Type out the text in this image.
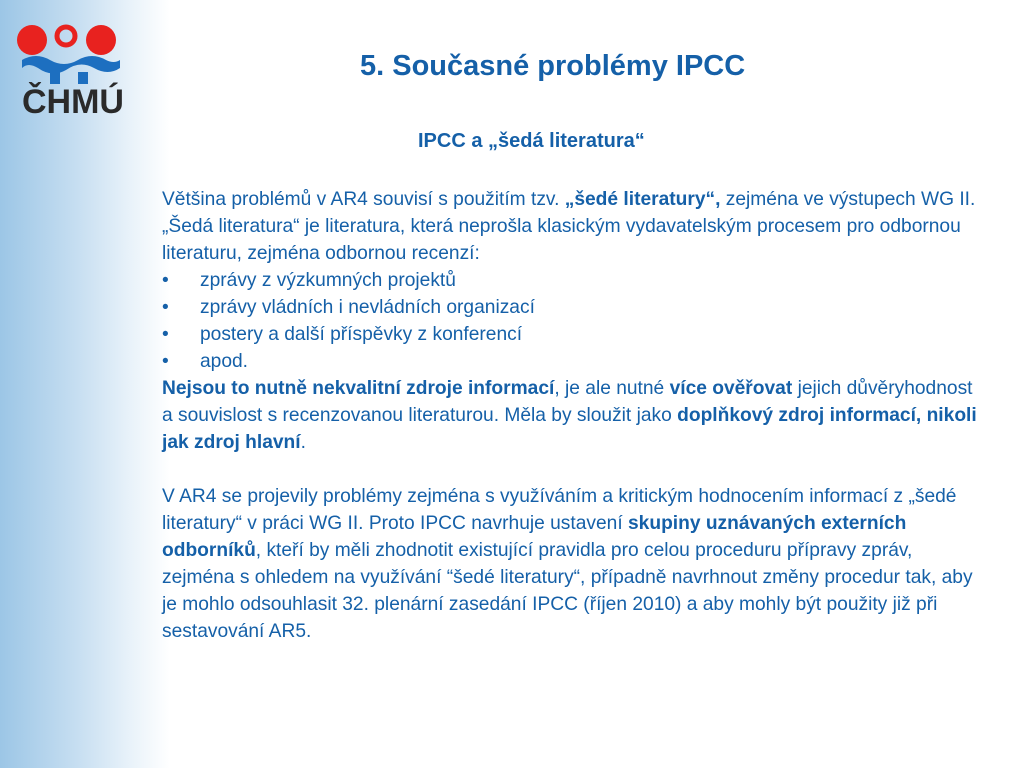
ČHMÚ
5. Současné problémy IPCC
IPCC a „šedá literatura“

Většina problémů v AR4 souvisí s použitím tzv. „šedé literatury“, zejména ve výstupech WG II. „Šedá literatura“ je literatura, která neprošla klasickým vydavatelským procesem pro odbornou literaturu, zejména odbornou recenzí:

• zprávy z výzkumných projektů
• zprávy vládních i nevládních organizací
• postery a další příspěvky z konferencí
• apod.

Nejsou to nutně nekvalitní zdroje informací, je ale nutné více ověřovat jejich důvěryhodnost a souvislost s recenzovanou literaturou. Měla by sloužit jako doplňkový zdroj informací, nikoli jak zdroj hlavní.

V AR4 se projevily problémy zejména s využíváním a kritickým hodnocením informací z „šedé literatury“ v práci WG II. Proto IPCC navrhuje ustavení skupiny uznávaných externích odborníků, kteří by měli zhodnotit existující pravidla pro celou proceduru přípravy zpráv, zejména s ohledem na využívání “šedé literatury“, případně navrhnout změny procedur tak, aby je mohlo odsouhlasit 32. plenární zasedání IPCC (říjen 2010) a aby mohly být použity již při sestavování AR5.
